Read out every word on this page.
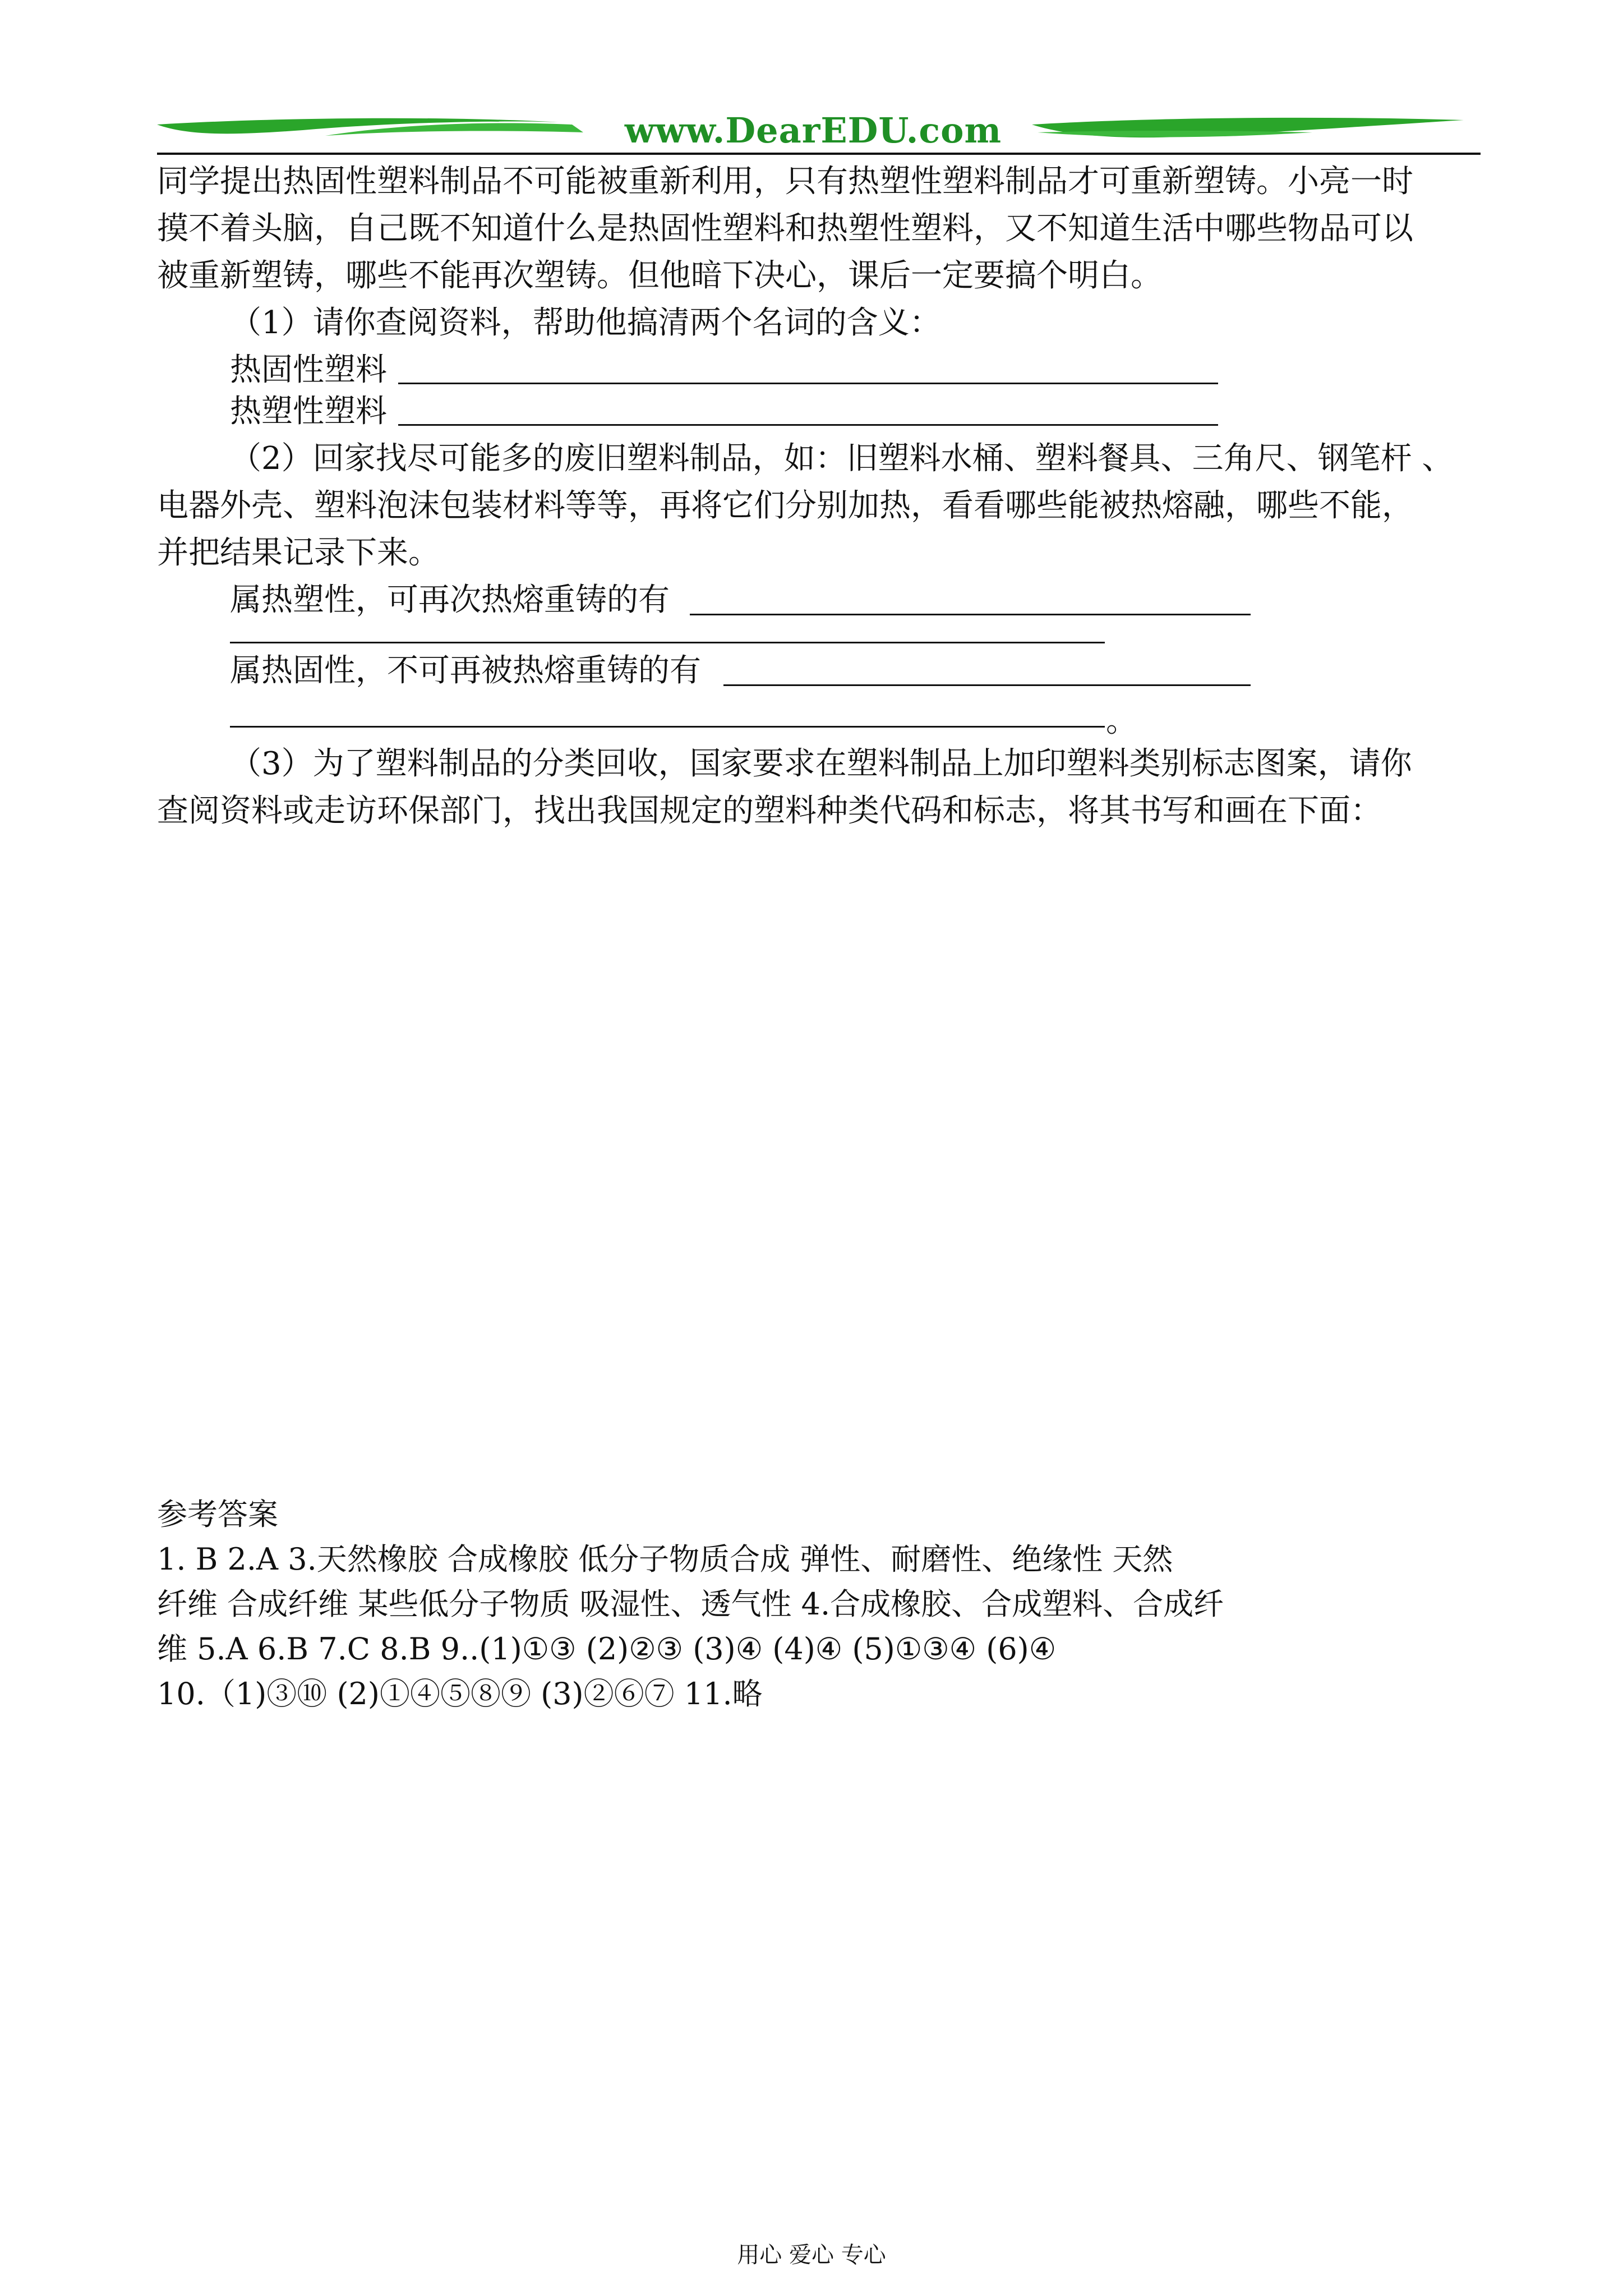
www.DearEDU.com
同学提出热固性塑料制品不可能被重新利用，只有热塑性塑料制品才可重新塑铸。小亮一时
摸不着头脑，自己既不知道什么是热固性塑料和热塑性塑料，又不知道生活中哪些物品可以
被重新塑铸，哪些不能再次塑铸。但他暗下决心，课后一定要搞个明白。
（1）请你查阅资料，帮助他搞清两个名词的含义：
热固性塑料
热塑性塑料
（2）回家找尽可能多的废旧塑料制品，如：旧塑料水桶、塑料餐具、三角尺、钢笔杆 、
电器外壳、塑料泡沫包装材料等等，再将它们分别加热，看看哪些能被热熔融，哪些不能，
并把结果记录下来。
属热塑性，可再次热熔重铸的有
属热固性，不可再被热熔重铸的有
。
（3）为了塑料制品的分类回收，国家要求在塑料制品上加印塑料类别标志图案，请你
查阅资料或走访环保部门，找出我国规定的塑料种类代码和标志，将其书写和画在下面：
参考答案
1. B 2.A 3.天然橡胶 合成橡胶 低分子物质合成 弹性、耐磨性、绝缘性 天然
纤维 合成纤维 某些低分子物质 吸湿性、透气性 4.合成橡胶、合成塑料、合成纤
维 5.A 6.B 7.C 8.B 9..(1)①③ (2)②③ (3)④ (4)④ (5)①③④ (6)④
10.（1)③⑩ (2)①④⑤⑧⑨ (3)②⑥⑦ 11.略
用心 爱心 专心
